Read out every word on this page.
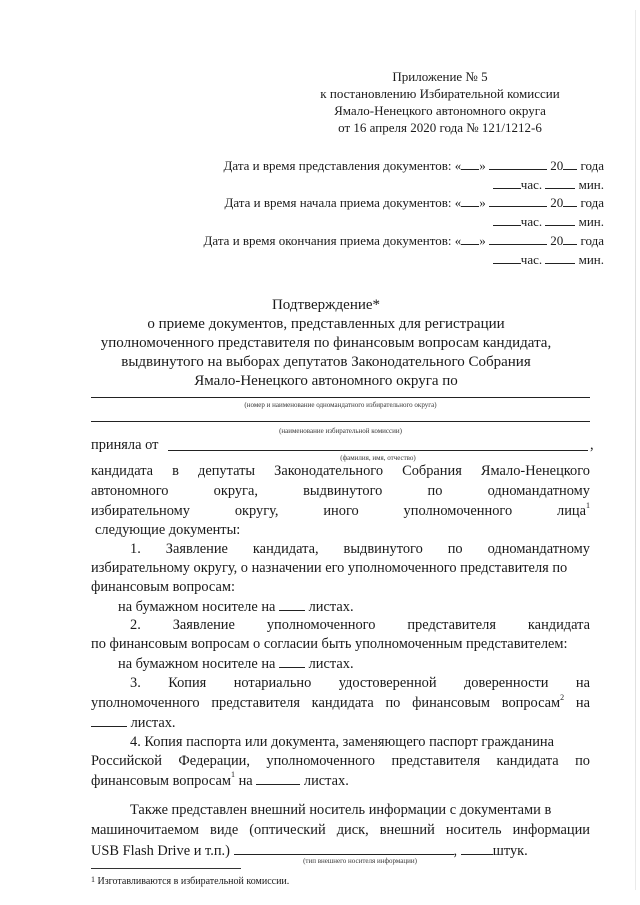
Приложение № 5
к постановлению Избирательной комиссии
Ямало-Ненецкого автономного округа
от 16 апреля 2020 года № 121/1212-6
Дата и время представления документов: « »	20 года
час.	мин.
Дата и время начала приема документов: « »	20 года
час.	мин.
Дата и время окончания приема документов: « »	20 года
час.	мин.
Подтверждение*
о приеме документов, представленных для регистрации
уполномоченного представителя по финансовым вопросам кандидата,
выдвинутого на выборах депутатов Законодательного Собрания
Ямало-Ненецкого автономного округа по
(номер и наименование одномандатного избирательного округа)
(наименование избирательной комиссии)
приняла от	,
(фамилия, имя, отчество)
кандидата в депутаты Законодательного Собрания Ямало-Ненецкого
автономного	округа,	выдвинутого	по	одномандатному
избирательному	округу,	иного	уполномоченного	лица$^1$
следующие документы:
1. Заявление кандидата, выдвинутого по одномандатному
избирательному округу, о назначении его уполномоченного представителя по
финансовым вопросам:
на бумажном носителе на листах.
2. Заявление уполномоченного представителя кандидата
по финансовым вопросам о согласии быть уполномоченным представителем:
на бумажном носителе на листах.
3. Копия нотариально удостоверенной доверенности на
уполномоченного представителя кандидата по финансовым вопросам$^2$ на
листах.
4. Копия паспорта или документа, заменяющего паспорт гражданина
Российской Федерации, уполномоченного представителя кандидата по
финансовым вопросам$^1$ на	листах.
Также представлен внешний носитель информации с документами в
машиночитаемом виде (оптический диск, внешний носитель информации
USB Flash Drive и т.п.)	, штук.
(тип внешнего носителя информации)
$^1$ Изготавливаются в избирательной комиссии.
